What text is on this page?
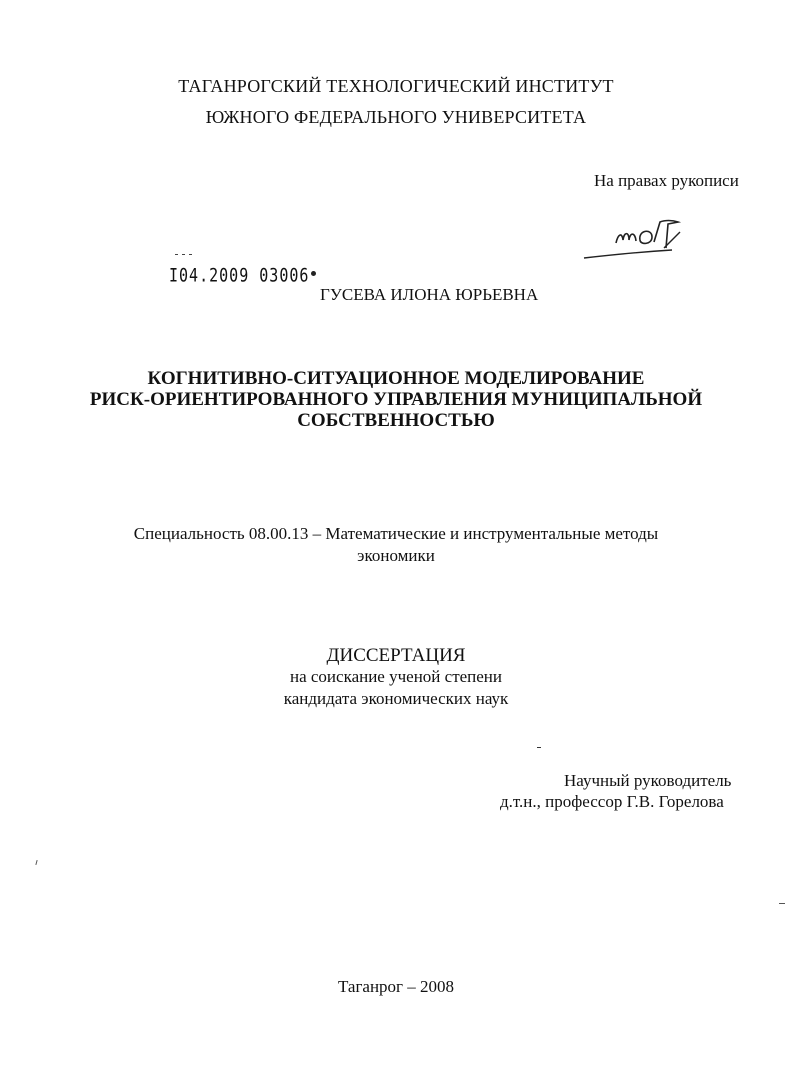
ТАГАНРОГСКИЙ ТЕХНОЛОГИЧЕСКИЙ ИНСТИТУТ
ЮЖНОГО ФЕДЕРАЛЬНОГО УНИВЕРСИТЕТА
На правах рукописи
I04.2009 03006
ГУСЕВА ИЛОНА ЮРЬЕВНА
КОГНИТИВНО-СИТУАЦИОННОЕ МОДЕЛИРОВАНИЕ
РИСК-ОРИЕНТИРОВАННОГО УПРАВЛЕНИЯ МУНИЦИПАЛЬНОЙ
СОБСТВЕННОСТЬЮ
Специальность 08.00.13 – Математические и инструментальные методы
экономики
ДИССЕРТАЦИЯ
на соискание ученой степени
кандидата экономических наук
Научный руководитель
д.т.н., профессор Г.В. Горелова
Таганрог – 2008
